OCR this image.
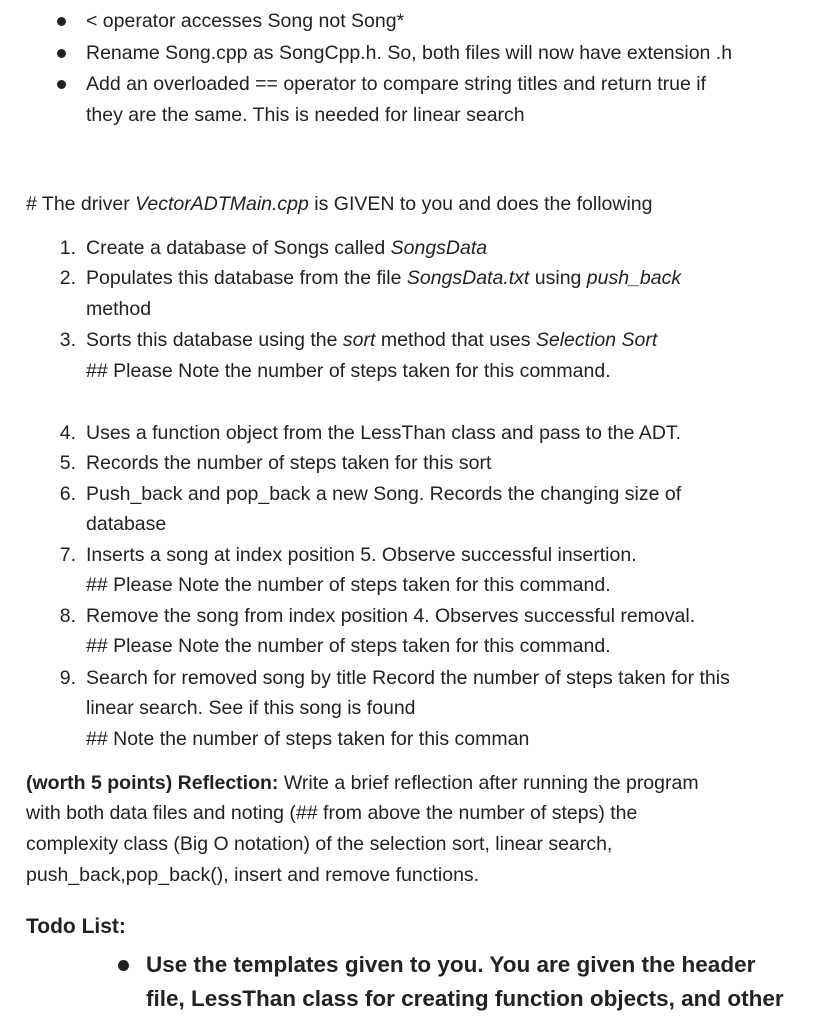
< operator accesses Song not Song*
Rename Song.cpp as SongCpp.h. So, both files will now have extension .h
Add an overloaded == operator to compare string titles and return true if
they are the same. This is needed for linear search
# The driver VectorADTMain.cpp is GIVEN to you and does the following
1. Create a database of Songs called SongsData
2. Populates this database from the file SongsData.txt using push_back
method
3. Sorts this database using the sort method that uses Selection Sort
## Please Note the number of steps taken for this command.
4. Uses a function object from the LessThan class and pass to the ADT.
5. Records the number of steps taken for this sort
6. Push_back and pop_back a new Song. Records the changing size of
database
7. Inserts a song at index position 5. Observe successful insertion.
## Please Note the number of steps taken for this command.
8. Remove the song from index position 4. Observes successful removal.
## Please Note the number of steps taken for this command.
9. Search for removed song by title Record the number of steps taken for this
linear search. See if this song is found
## Note the number of steps taken for this comman
(worth 5 points) Reflection: Write a brief reflection after running the program
with both data files and noting (## from above the number of steps) the
complexity class (Big O notation) of the selection sort, linear search,
push_back,pop_back(), insert and remove functions.
Todo List:
Use the templates given to you. You are given the header
file, LessThan class for creating function objects, and other
